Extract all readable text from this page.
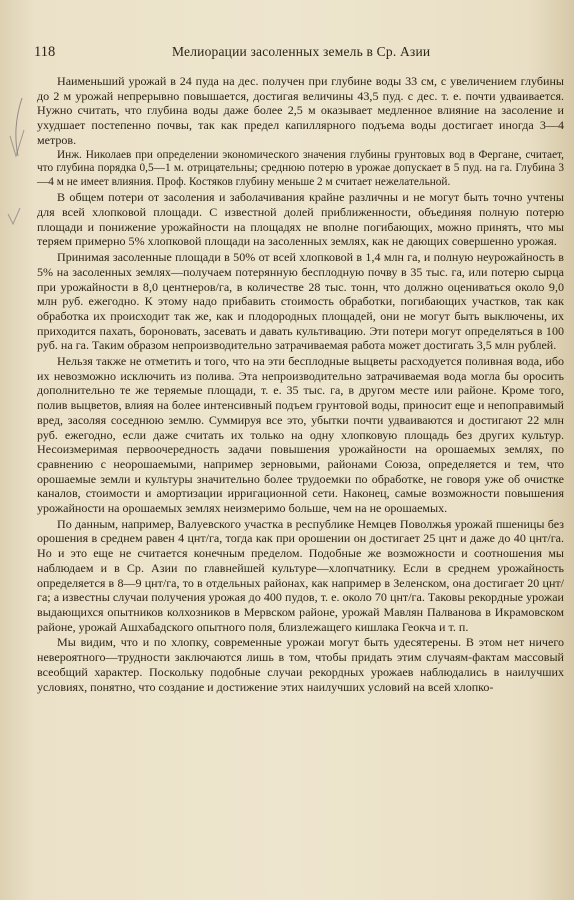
118	Мелиорации засоленных земель в Ср. Азии

Наименьший урожай в 24 пуда на дес. получен при глубине воды 33 см, с увеличением глубины до 2 м урожай непрерывно повышается, достигая величины 43,5 пуд. с дес. т. е. почти удваивается. Нужно считать, что глубина воды даже более 2,5 м оказывает медленное влияние на засоление и ухудшает постепенно почвы, так как предел капиллярного подъема воды достигает иногда 3—4 метров.

Инж. Николаев при определении экономического значения глубины грунтовых вод в Фергане, считает, что глубина порядка 0,5—1 м. отрицательны; среднюю потерю в урожае допускает в 5 пуд. на га. Глубина 3—4 м не имеет влияния. Проф. Костяков глубину меньше 2 м считает нежелательной.

В общем потери от засоления и заболачивания крайне различны и не могут быть точно учтены для всей хлопковой площади. С известной долей приближенности, объединяя полную потерю площади и понижение урожайности на площадях не вполне погибающих, можно принять, что мы теряем примерно 5% хлопковой площади на засоленных землях, как не дающих совершенно урожая.

Принимая засоленные площади в 50% от всей хлопковой в 1,4 млн га, и полную неурожайность в 5% на засоленных землях—получаем потерянную бесплодную почву в 35 тыс. га, или потерю сырца при урожайности в 8,0 центнеров/га, в количестве 28 тыс. тонн, что должно оцениваться около 9,0 млн руб. ежегодно. К этому надо прибавить стоимость обработки, погибающих участков, так как обработка их происходит так же, как и плодородных площадей, они не могут быть выключены, их приходится пахать, бороновать, засевать и давать культивацию. Эти потери могут определяться в 100 руб. на га. Таким образом непроизводительно затрачиваемая работа может достигать 3,5 млн рублей.

Нельзя также не отметить и того, что на эти бесплодные выцветы расходуется поливная вода, ибо их невозможно исключить из полива. Эта непроизводительно затрачиваемая вода могла бы оросить дополнительно те же теряемые площади, т. е. 35 тыс. га, в другом месте или районе. Кроме того, полив выцветов, влияя на более интенсивный подъем грунтовой воды, приносит еще и непоправимый вред, засоляя соседнюю землю. Суммируя все это, убытки почти удваиваются и достигают 22 млн руб. ежегодно, если даже считать их только на одну хлопковую площадь без других культур. Несоизмеримая первоочередность задачи повышения урожайности на орошаемых землях, по сравнению с неорошаемыми, например зерновыми, районами Союза, определяется и тем, что орошаемые земли и культуры значительно более трудоемки по обработке, не говоря уже об очистке каналов, стоимости и амортизации ирригационной сети. Наконец, самые возможности повышения урожайности на орошаемых землях неизмеримо больше, чем на не орошаемых.

По данным, например, Валуевского участка в республике Немцев Поволжья урожай пшеницы без орошения в среднем равен 4 цнт/га, тогда как при орошении он достигает 25 цнт и даже до 40 цнт/га. Но и это еще не считается конечным пределом. Подобные же возможности и соотношения мы наблюдаем и в Ср. Азии по главнейшей культуре—хлопчатнику. Если в среднем урожайность определяется в 8—9 цнт/га, то в отдельных районах, как например в Зеленском, она достигает 20 цнт/га; а известны случаи получения урожая до 400 пудов, т. е. около 70 цнт/га. Таковы рекордные урожаи выдающихся опытников колхозников в Мервском районе, урожай Мавлян Палванова в Икрамовском районе, урожай Ашхабадского опытного поля, близлежащего кишлака Геокча и т. п.

Мы видим, что и по хлопку, современные урожаи могут быть удесятерены. В этом нет ничего невероятного—трудности заключаются лишь в том, чтобы придать этим случаям-фактам массовый всеобщий характер. Поскольку подобные случаи рекордных урожаев наблюдались в наилучших условиях, понятно, что создание и достижение этих наилучших условий на всей хлопко-
